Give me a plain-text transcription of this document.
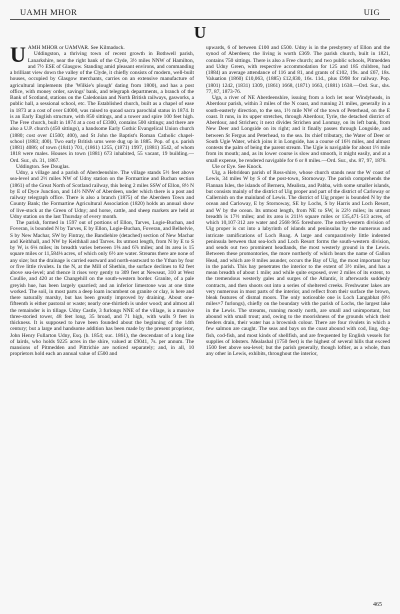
UAMH MHOR	UIG
U

UAMH MHOR or UAMVAR. See Kilmadock.

Uddingston, a thriving town of recent growth in Bothwell parish, Lanarkshire, near the right bank of the Clyde, 3½ miles NNW of Hamilton, and 7½ ESE of Glasgow. Standing amid pleasant environs, and commanding a brilliant view down the valley of the Clyde, it chiefly consists of modern, well-built houses, occupied by Glasgow merchants, carries on an extensive manufacture of agricultural implements (the 'Wilkie's plough' dating from 1800), and has a post office, with money order, savings' bank, and telegraph departments, a branch of the Bank of Scotland, stations on the Caledonian and North British railways, gasworks, a public hall, a sessional school, etc. The Established church, built as a chapel of ease in 1873 at a cost of over £4000, was raised to quoad sacra parochial status in 1874. It is an Early English structure, with 850 sittings, and a tower and spire 100 feet high. The Free church, built in 1874 at a cost of £3300, contains 500 sittings; and there are also a U.P. church (450 sittings), a handsome Early Gothic Evangelical Union church (1880; cost over £1500; 400), and St John the Baptist's Roman Catholic chapel-school (1883; 400). Two early British urns were dug up in 1885. Pop. of q.s. parish (1881) 4086; of town (1841) 701, (1861) 1255, (1871) 1997, (1881) 3542, of whom 1818 were males. Houses in town (1881) 673 inhabited, 55 vacant, 19 building.—Ord. Sur., sh. 31, 1867.

Uddington. See Douglas.

Udny, a village and a parish of Aberdeenshire. The village stands 5½ feet above sea-level and 2½ miles NW of Udny station on the Formartine and Buchan section (1861) of the Great North of Scotland railway, this being 2 miles SSW of Ellon, 8½ N by E of Dyce Junction, and 14½ NNW of Aberdeen, under which there is a post and railway telegraph office. There is also a branch (1875) of the Aberdeen Town and County Bank; the Formartine Agricultural Association (1820) holds an annual show of live-stock at the Green of Udny; and horse, cattle, and sheep markets are held at Udny station on the last Thursday of every month.

The parish, formed in 1597 out of portions of Ellon, Tarves, Logie-Buchan, and Foveran, is bounded N by Tarves, E by Ellon, Logie-Buchan, Foveran, and Belhelvie, S by New Machar, SW by Fintray, the Bandiehire (detached) section of New Machar and Keithhall, and NW by Keithhall and Tarves. Its utmost length, from N by E to S by W, is 6⅛ miles; its breadth varies between 1⅝ and 6⅞ miles; and its area is 15 square miles or 11,584⅛ acres, of which only 6½ are water. Streams there are none of any size; but the drainage is carried eastward and north-eastward to the Ythan by four or five little rivulets. In the N, at the Mill of Shethin, the surface declines to 82 feet above sea-level; and thence it rises very gently to 309 feet at Newseat, 310 at West Coullie, and 420 at the Changehill on the south-western border. Granite, of a pale greyish hue, has been largely quarried; and an inferior limestone was at one time worked. The soil, in most parts a deep loam incumbent on granite or clay, is here and there naturally marshy, but has been greatly improved by draining. About one-fifteenth is either pastoral or waste; nearly one-thirtieth is under wood; and almost all the remainder is in tillage. Udny Castle, 3 furlongs NNE of the village, is a massive three-storied tower, 48 feet long, 35 broad, and 71 high, with walls 9 feet in thickness. It is supposed to have been founded about the beginning of the 14th century; but a large and handsome addition has been made by the present proprietor, John Henry Fullarton Udny, Esq. (b. 1854; suc. 1861), the descendant of a long line of lairds, who holds 9225 acres in the shire, valued at £9041, 7s. per annum. The mansions of Pitmedden and Pittrichie are noticed separately; and, in all, 10 proprietors hold each an annual value of £500 and

upwards, 6 of between £100 and £500. Udny is in the presbytery of Ellon and the synod of Aberdeen; the living is worth £369. The parish church, built in 1821, contains 750 sittings. There is also a Free church; and two public schools, Pitmedden and Udny Green, with respective accommodation for 125 and 185 children, had (1884) an average attendance of 116 and 81, and grants of £102, 19s. and £67, 18s. Valuation (1860) £10,063, (1885) £12,830, 16s. 11d., plus £998 for railway. Pop. (1801) 1242, (1831) 1309, (1861) 1668, (1871) 1663, (1881) 1638.—Ord. Sur., shs. 77, 87, 1873-76.

Uga, a river of NE Aberdeenshire, issuing from a loch let near Windyheads, in Aberdour parish, within 3 miles of the N coast, and running 21 miles, generally in a south-easterly direction, to the sea, 1½ mile NW of the town of Peterhead, on the E coast. It runs, in its upper stretches, through Aberdour, Tyrie, the detached district of Aberdour, and Strichen; it next divides Strichen and Lonmay, on its left bank, from New Deer and Longside on its right; and it finally passes through Longside, and between St Fergus and Peterhead, to the sea. Its chief tributary, the Water of Deer or South Ugie Water, which joins it in Longside, has a course of 16½ miles, and almost contests the palm of being the parent stream. The Ugie is navigable for about 1½ mile from its mouth; and, as its lower course is slow and smooth, it might easily, and at a small expense, be rendered navigable for 6 or 8 miles.—Ord. Sur., shs. 87, 97, 1876.

Uie or Eye. See Knock.

Uig, a Hebridean parish of Ross-shire, whose church stands near the W coast of Lewis, 34 miles W by S of the post-town, Stornoway. The parish comprehends the Flannan Isles, the islands of Bernera, Mealista, and Pabba, with some smaller islands, but consists mainly of the district of Uig proper and part of the district of Carloway or Callernish on the mainland of Lewis. The district of Uig proper is bounded N by the ocean and Carloway, E by Stornoway, SE by Lochs, S by Harris and Loch Resort, and W by the ocean. Its utmost length, from NE to SW, is 22½ miles; its utmost breadth is 17½ miles; and its area is 211⅓ square miles or 135,471·513 acres, of which 10,107·312 are water and 2568·965 foreshore. The north-western division of Uig proper is cut into a labyrinth of islands and peninsulas by the numerous and intricate ramifications of Loch Roag. A large and comparatively little indented peninsula between that sea-loch and Loch Resort forms the south-western division, and sends out two prominent headlands, the most westerly ground in the Lewis. Between these promontories, the more northerly of which bears the name of Gallon Head, and which are 8 miles asunder, occurs the Bay of Uig, the most important bay in the parish. This bay penetrates the interior to the extent of 3½ miles, and has a mean breadth of about 1 mile; and while quite exposed, over 2 miles of its extent, to the tremendous westerly gales and surges of the Atlantic, it afterwards suddenly contracts, and then shoots out into a series of sheltered creeks. Freshwater lakes are very numerous in most parts of the interior, and reflect from their surface the brown, bleak features of dismal moors. The only noticeable one is Loch Langabhat (8½ miles×7 furlongs), chiefly on the boundary with the parish of Lochs, the largest lake in the Lewis. The streams, running mostly north, are small and unimportant, but abound with small trout; and, owing to the moorishness of the grounds which their feeders drain, their water has a brownish colour. There are four rivulets in which a few salmon are caught. The seas and bays on the coast abound with cod, ling, dog-fish, cod-fish, and most kinds of shellfish, and are frequented by English vessels for supplies of lobsters. Mealashal (1750 feet) is the highest of several hills that exceed 1500 feet above sea-level; but the parish generally, though loftier, as a whole, than any other in Lewis, exhibits, throughout the interior,

465
